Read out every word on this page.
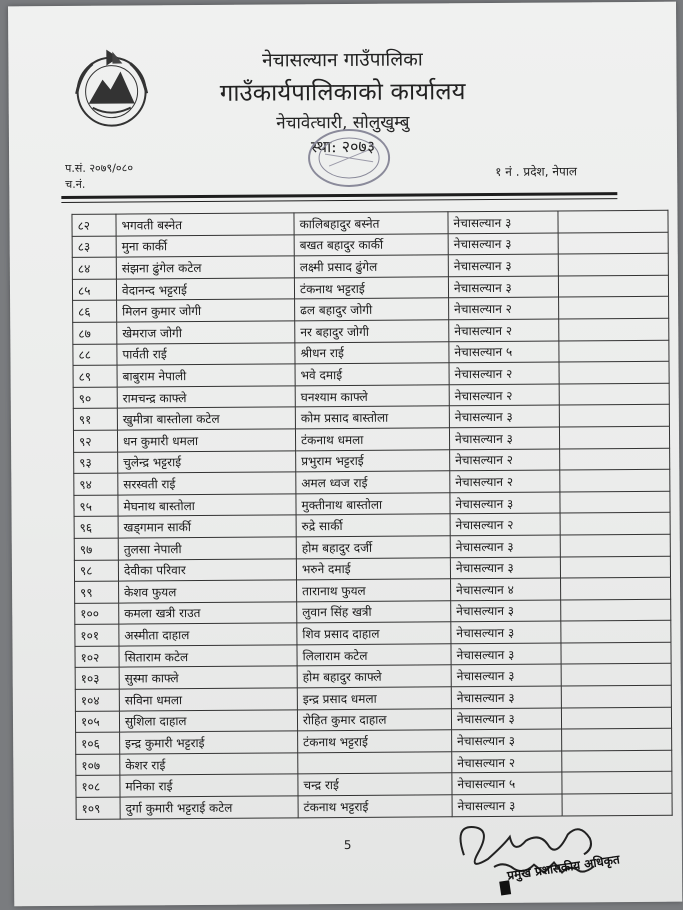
नेचासल्यान गाउँपालिका
गाउँकार्यपालिकाको कार्यालय
नेचावेत्घारी, सोलुखुम्बु
स्था: २०७३
प.सं. २०७९/०८०
च.नं.
१ नं . प्रदेश, नेपाल
८२	भगवती बस्नेत	कालिबहादुर बस्नेत	नेचासल्यान ३	
८३	मुना कार्की	बखत बहादुर कार्की	नेचासल्यान ३	
८४	संझना ढुंगेल कटेल	लक्ष्मी प्रसाद ढुंगेल	नेचासल्यान ३	
८५	वेदानन्द भट्टराई	टंकनाथ भट्टराई	नेचासल्यान ३	
८६	मिलन कुमार जोगी	ढल बहादुर जोगी	नेचासल्यान २	
८७	खेमराज जोगी	नर बहादुर जोगी	नेचासल्यान २	
८८	पार्वती राई	श्रीधन राई	नेचासल्यान ५	
८९	बाबुराम नेपाली	भवे दमाई	नेचासल्यान २	
९०	रामचन्द्र काफ्ले	घनश्याम काफ्ले	नेचासल्यान २	
९१	खुमीत्रा बास्तोला कटेल	कोम प्रसाद बास्तोला	नेचासल्यान ३	
९२	धन कुमारी धमला	टंकनाथ धमला	नेचासल्यान ३	
९३	चुलेन्द्र भट्टराई	प्रभुराम भट्टराई	नेचासल्यान २	
९४	सरस्वती राई	अमल ध्वज राई	नेचासल्यान २	
९५	मेघनाथ बास्तोला	मुक्तीनाथ बास्तोला	नेचासल्यान ३	
९६	खड्गमान सार्की	रुद्रे सार्की	नेचासल्यान २	
९७	तुलसा नेपाली	होम बहादुर दर्जी	नेचासल्यान ३	
९८	देवीका परिवार	भरुने दमाई	नेचासल्यान ३	
९९	केशव फुयल	तारानाथ फुयल	नेचासल्यान ४	
१००	कमला खत्री राउत	लुवान सिंह खत्री	नेचासल्यान ३	
१०१	अस्मीता दाहाल	शिव प्रसाद दाहाल	नेचासल्यान ३	
१०२	सिताराम कटेल	लिलाराम कटेल	नेचासल्यान ३	
१०३	सुस्मा काफ्ले	होम बहादुर काफ्ले	नेचासल्यान ३	
१०४	सविना धमला	इन्द्र प्रसाद धमला	नेचासल्यान ३	
१०५	सुशिला दाहाल	रोहित कुमार दाहाल	नेचासल्यान ३	
१०६	इन्द्र कुमारी भट्टराई	टंकनाथ भट्टराई	नेचासल्यान ३	
१०७	केशर राई		नेचासल्यान २	
१०८	मनिका राई	चन्द्र राई	नेचासल्यान ५	
१०९	दुर्गा कुमारी भट्टराई कटेल	टंकनाथ भट्टराई	नेचासल्यान ३	
5
प्रमुख प्रशासकीय अधिकृत
